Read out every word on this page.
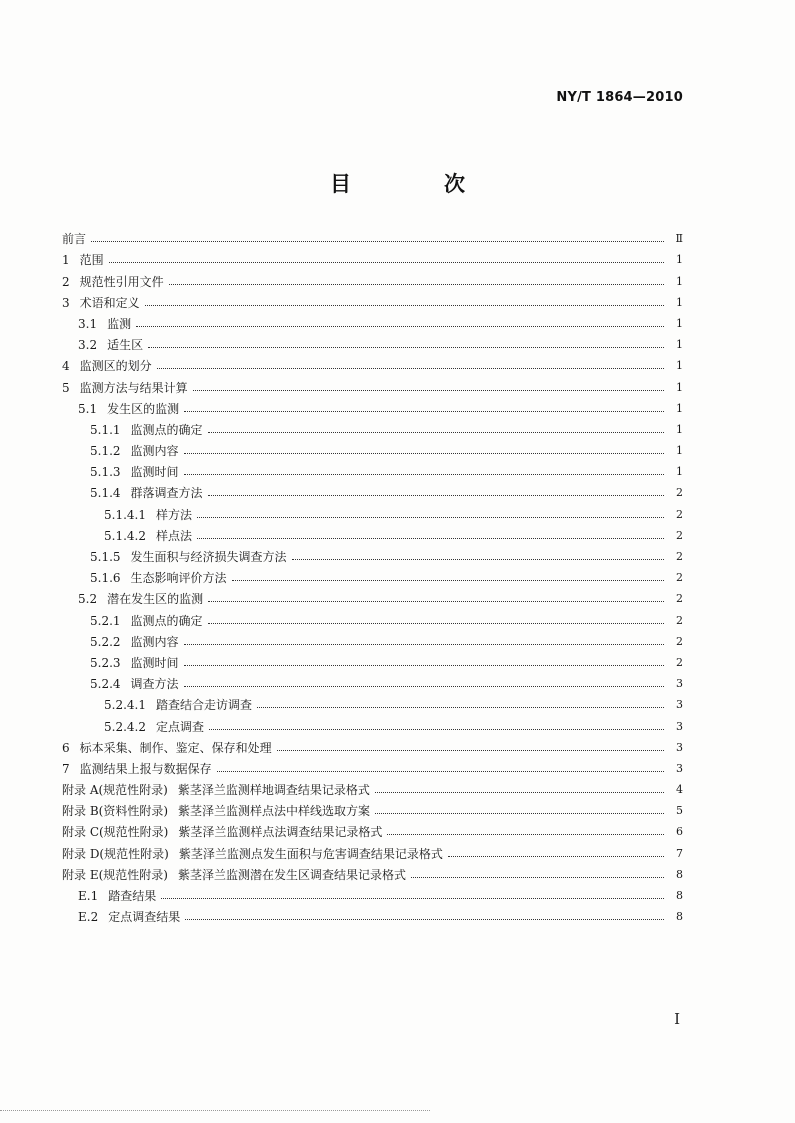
NY/T 1864—2010
目　次
前言	Ⅱ
1 范围	1
2 规范性引用文件	1
3 术语和定义	1
3.1 监测	1
3.2 适生区	1
4 监测区的划分	1
5 监测方法与结果计算	1
5.1 发生区的监测	1
5.1.1 监测点的确定	1
5.1.2 监测内容	1
5.1.3 监测时间	1
5.1.4 群落调查方法	2
5.1.4.1 样方法	2
5.1.4.2 样点法	2
5.1.5 发生面积与经济损失调查方法	2
5.1.6 生态影响评价方法	2
5.2 潜在发生区的监测	2
5.2.1 监测点的确定	2
5.2.2 监测内容	2
5.2.3 监测时间	2
5.2.4 调查方法	3
5.2.4.1 踏查结合走访调查	3
5.2.4.2 定点调查	3
6 标本采集、制作、鉴定、保存和处理	3
7 监测结果上报与数据保存	3
附录 A(规范性附录) 紫茎泽兰监测样地调查结果记录格式	4
附录 B(资料性附录) 紫茎泽兰监测样点法中样线选取方案	5
附录 C(规范性附录) 紫茎泽兰监测样点法调查结果记录格式	6
附录 D(规范性附录) 紫茎泽兰监测点发生面积与危害调查结果记录格式	7
附录 E(规范性附录) 紫茎泽兰监测潜在发生区调查结果记录格式	8
E.1 踏查结果	8
E.2 定点调查结果	8
I
